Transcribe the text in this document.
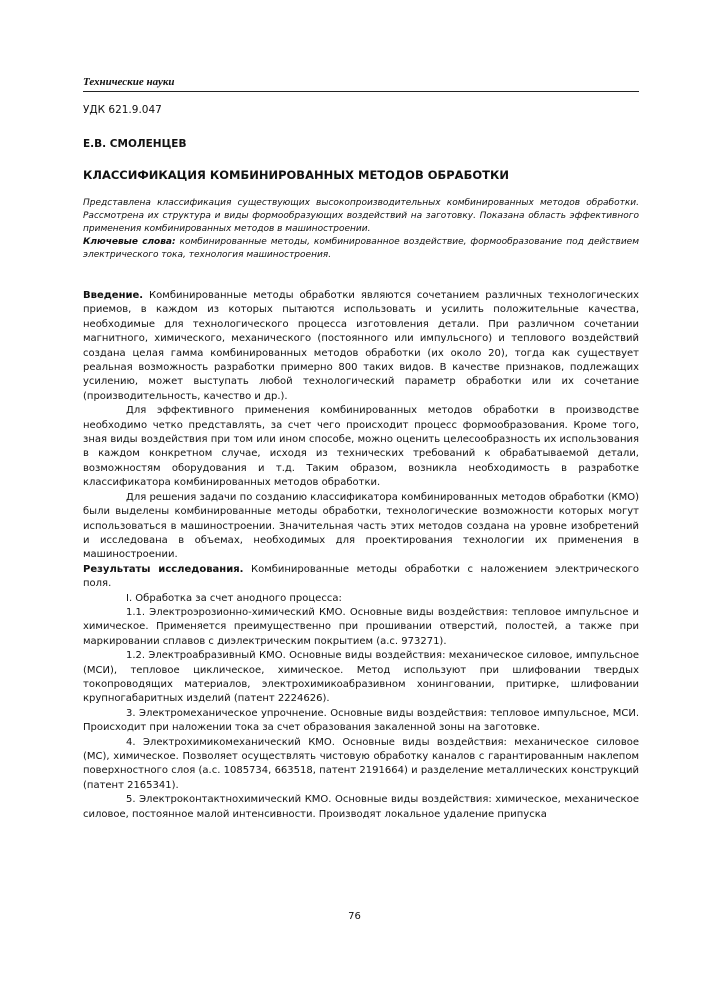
Технические науки
УДК 621.9.047
Е.В. СМОЛЕНЦЕВ
КЛАССИФИКАЦИЯ КОМБИНИРОВАННЫХ МЕТОДОВ ОБРАБОТКИ

Представлена классификация существующих высокопроизводительных комбинированных методов обработки. Рассмотрена их структура и виды формообразующих воздействий на заготовку. Показана область эффективного применения комбинированных методов в машиностроении.

Ключевые слова: комбинированные методы, комбинированное воздействие, формообразование под действием электрического тока, технология машиностроения.

Введение. Комбинированные методы обработки являются сочетанием различных технологических приемов, в каждом из которых пытаются использовать и усилить положительные качества, необходимые для технологического процесса изготовления детали. При различном сочетании магнитного, химического, механического (постоянного или импульсного) и теплового воздействий создана целая гамма комбинированных методов обработки (их около 20), тогда как существует реальная возможность разработки примерно 800 таких видов. В качестве признаков, подлежащих усилению, может выступать любой технологический параметр обработки или их сочетание (производительность, качество и др.).

Для эффективного применения комбинированных методов обработки в производстве необходимо четко представлять, за счет чего происходит процесс формообразования. Кроме того, зная виды воздействия при том или ином способе, можно оценить целесообразность их использования в каждом конкретном случае, исходя из технических требований к обрабатываемой детали, возможностям оборудования и т.д. Таким образом, возникла необходимость в разработке классификатора комбинированных методов обработки.

Для решения задачи по созданию классификатора комбинированных методов обработки (КМО) были выделены комбинированные методы обработки, технологические возможности которых могут использоваться в машиностроении. Значительная часть этих методов создана на уровне изобретений и исследована в объемах, необходимых для проектирования технологии их применения в машиностроении.

Результаты исследования. Комбинированные методы обработки с наложением электрического поля.

I. Обработка за счет анодного процесса:

1.1. Электроэрозионно-химический КМО. Основные виды воздействия: тепловое импульсное и химическое. Применяется преимущественно при прошивании отверстий, полостей, а также при маркировании сплавов с диэлектрическим покрытием (а.с. 973271).

1.2. Электроабразивный КМО. Основные виды воздействия: механическое силовое, импульсное (МСИ), тепловое циклическое, химическое. Метод используют при шлифовании твердых токопроводящих материалов, электрохимикоабразивном хонинговании, притирке, шлифовании крупногабаритных изделий (патент 2224626).

3. Электромеханическое упрочнение. Основные виды воздействия: тепловое импульсное, МСИ. Происходит при наложении тока за счет образования закаленной зоны на заготовке.

4. Электрохимикомеханический КМО. Основные виды воздействия: механическое силовое (МС), химическое. Позволяет осуществлять чистовую обработку каналов с гарантированным наклепом поверхностного слоя (а.с. 1085734, 663518, патент 2191664) и разделение металлических конструкций (патент 2165341).

5. Электроконтактнохимический КМО. Основные виды воздействия: химическое, механическое силовое, постоянное малой интенсивности. Производят локальное удаление припуска

76
